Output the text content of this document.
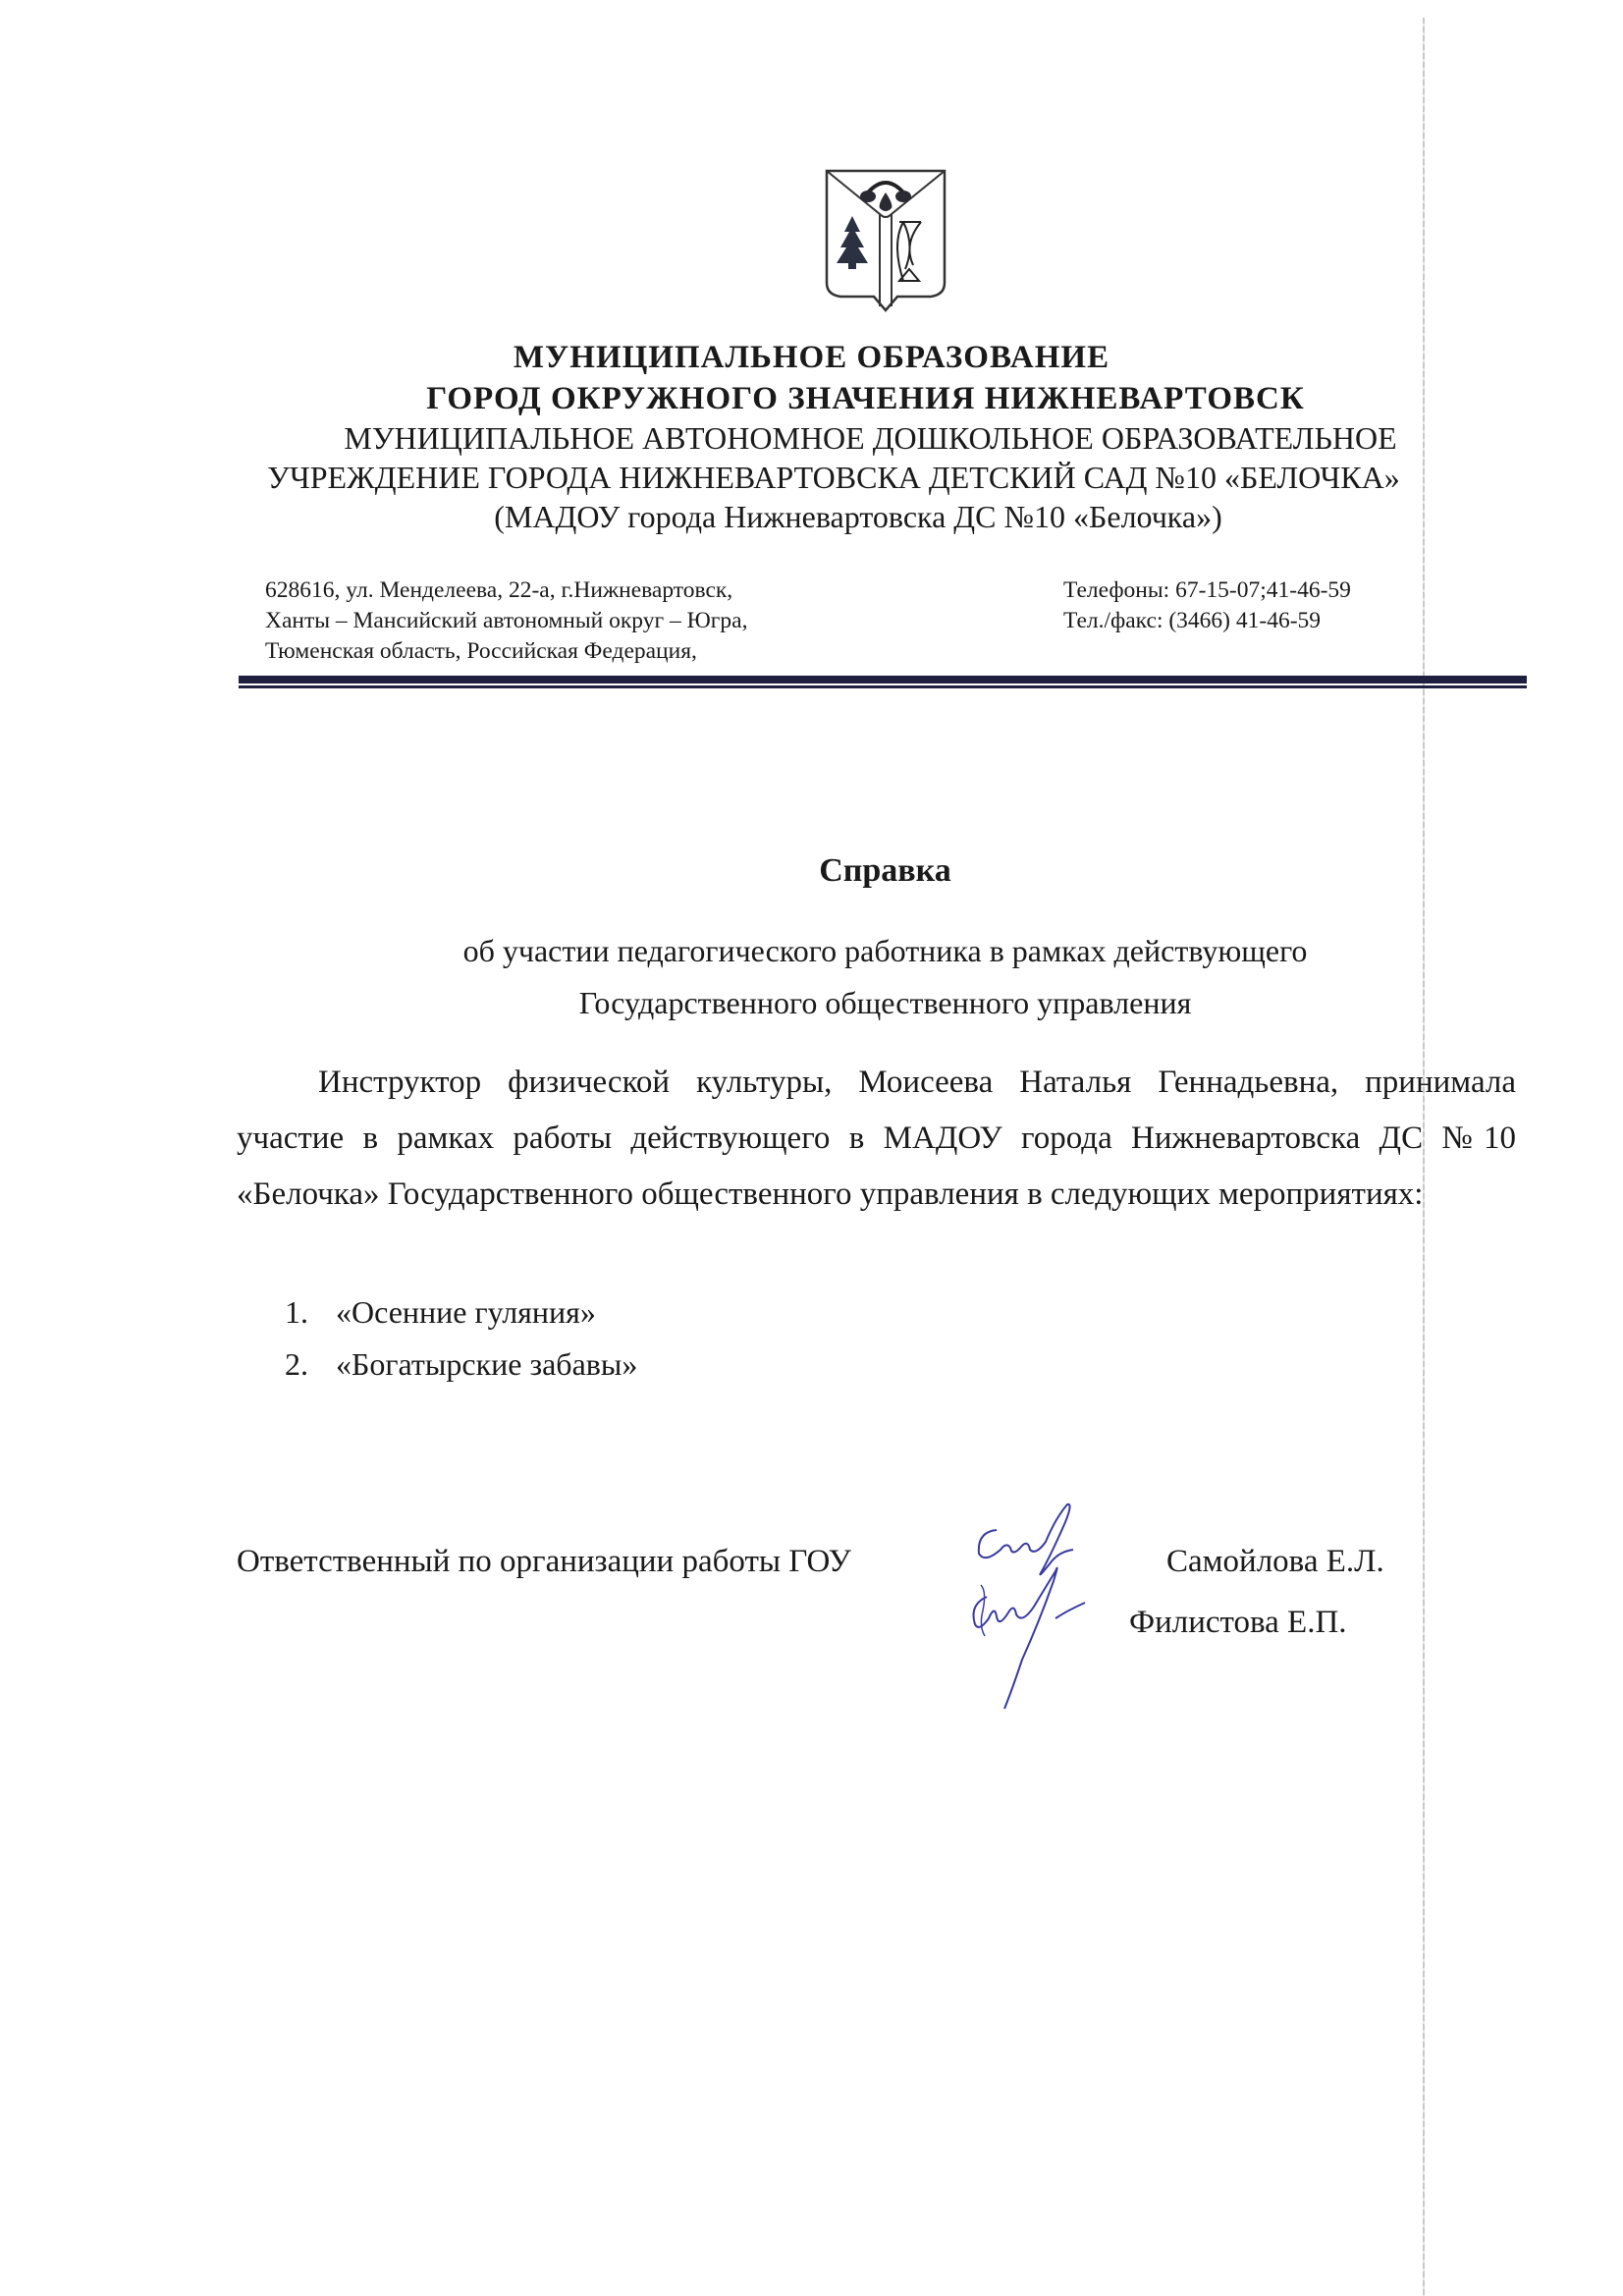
МУНИЦИПАЛЬНОЕ ОБРАЗОВАНИЕ
ГОРОД ОКРУЖНОГО ЗНАЧЕНИЯ НИЖНЕВАРТОВСК
МУНИЦИПАЛЬНОЕ АВТОНОМНОЕ ДОШКОЛЬНОЕ ОБРАЗОВАТЕЛЬНОЕ
УЧРЕЖДЕНИЕ ГОРОДА НИЖНЕВАРТОВСКА ДЕТСКИЙ САД №10 «БЕЛОЧКА»
(МАДОУ города Нижневартовска ДС №10 «Белочка»)
628616, ул. Менделеева, 22-а, г.Нижневартовск,
Ханты – Мансийский автономный округ – Югра,
Тюменская область, Российская Федерация,
Телефоны: 67-15-07;41-46-59
Тел./факс: (3466) 41-46-59
Справка
об участии педагогического работника в рамках действующего
Государственного общественного управления

Инструктор физической культуры, Моисеева Наталья Геннадьевна, принимала участие в рамках работы действующего в МАДОУ города Нижневартовска ДС №10 «Белочка» Государственного общественного управления в следующих мероприятиях:

1. «Осенние гуляния»
2. «Богатырские забавы»
Ответственный по организации работы ГОУ	Самойлова Е.Л.
Филистова Е.П.
